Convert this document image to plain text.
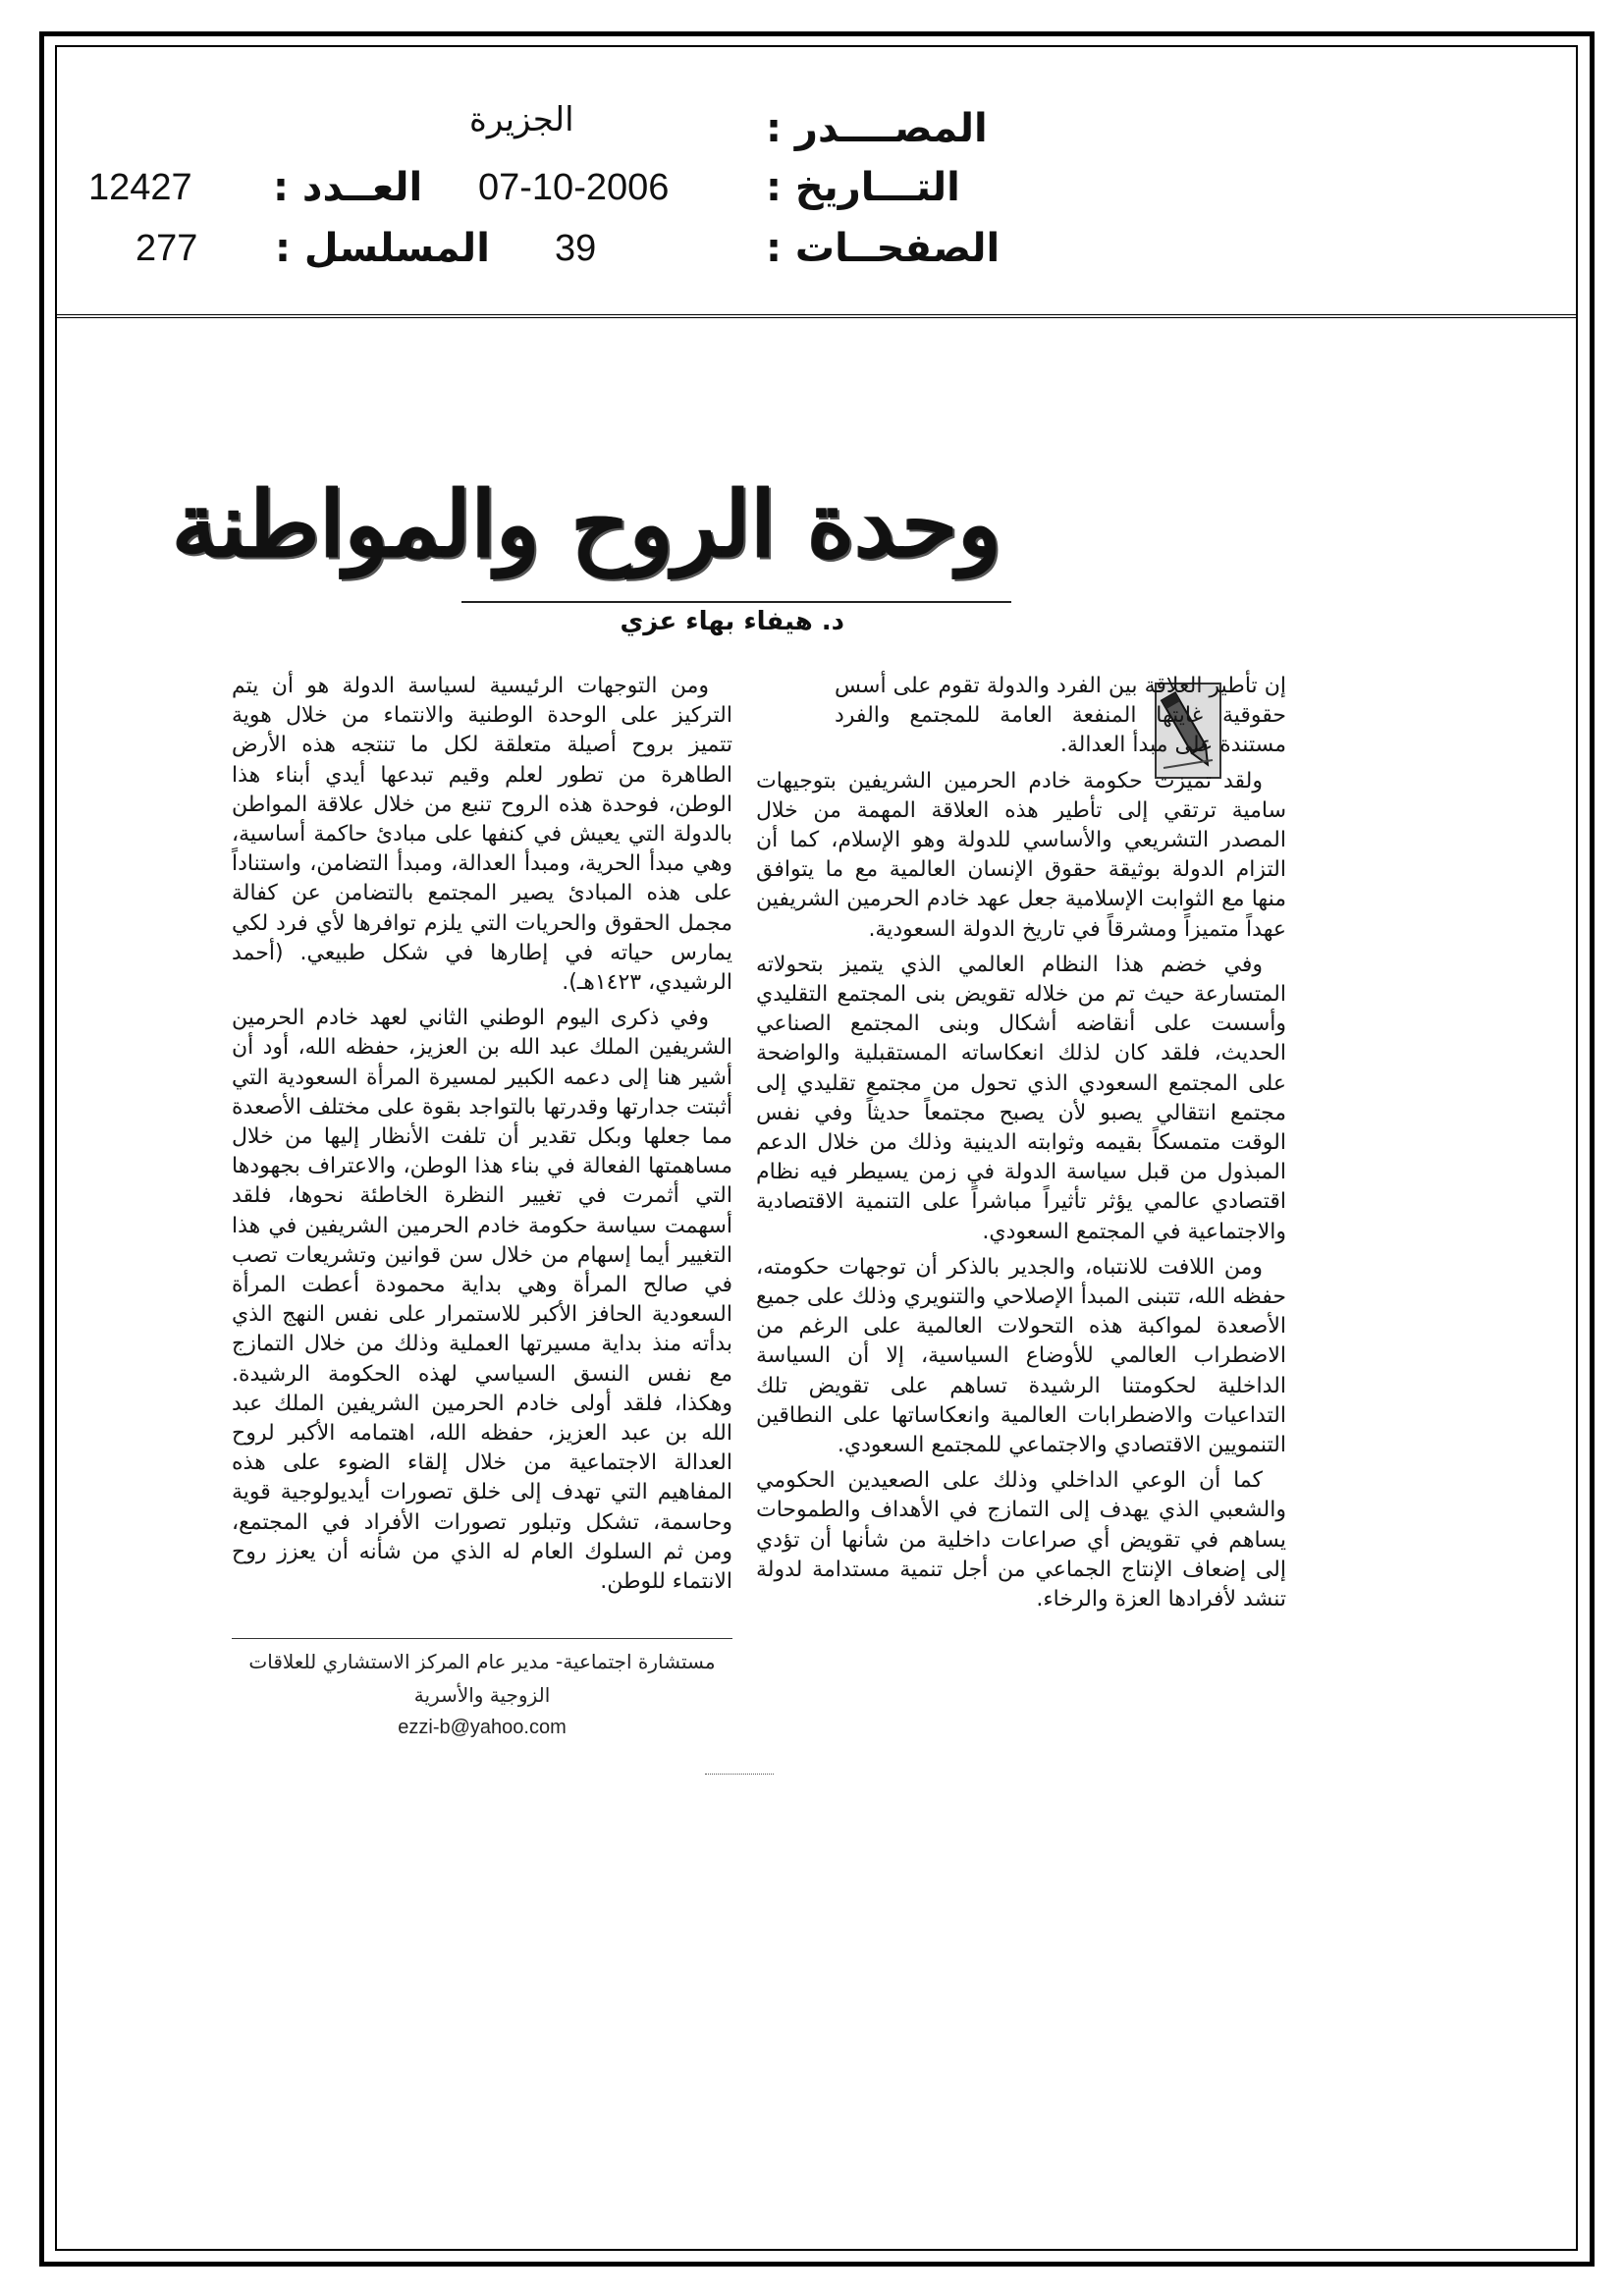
المصــــدر :
الجزيرة
التـــاريخ :
07-10-2006
الصفحــات :
39
العــدد :
12427
المسلسل :
277
وحدة الروح والمواطنة
د. هيفاء بهاء عزي

إن تأطير العلاقة بين الفرد والدولة تقوم على أسس حقوقية غايتها المنفعة العامة للمجتمع والفرد مستندة على مبدأ العدالة.

ولقد تميزت حكومة خادم الحرمين الشريفين بتوجيهات سامية ترتقي إلى تأطير هذه العلاقة المهمة من خلال المصدر التشريعي والأساسي للدولة وهو الإسلام، كما أن التزام الدولة بوثيقة حقوق الإنسان العالمية مع ما يتوافق منها مع الثوابت الإسلامية جعل عهد خادم الحرمين الشريفين عهداً متميزاً ومشرقاً في تاريخ الدولة السعودية.

وفي خضم هذا النظام العالمي الذي يتميز بتحولاته المتسارعة حيث تم من خلاله تقويض بنى المجتمع التقليدي وأسست على أنقاضه أشكال وبنى المجتمع الصناعي الحديث، فلقد كان لذلك انعكاساته المستقبلية والواضحة على المجتمع السعودي الذي تحول من مجتمع تقليدي إلى مجتمع انتقالي يصبو لأن يصبح مجتمعاً حديثاً وفي نفس الوقت متمسكاً بقيمه وثوابته الدينية وذلك من خلال الدعم المبذول من قبل سياسة الدولة في زمن يسيطر فيه نظام اقتصادي عالمي يؤثر تأثيراً مباشراً على التنمية الاقتصادية والاجتماعية في المجتمع السعودي.

ومن اللافت للانتباه، والجدير بالذكر أن توجهات حكومته، حفظه الله، تتبنى المبدأ الإصلاحي والتنويري وذلك على جميع الأصعدة لمواكبة هذه التحولات العالمية على الرغم من الاضطراب العالمي للأوضاع السياسية، إلا أن السياسة الداخلية لحكومتنا الرشيدة تساهم على تقويض تلك التداعيات والاضطرابات العالمية وانعكاساتها على النطاقين التنمويين الاقتصادي والاجتماعي للمجتمع السعودي.

كما أن الوعي الداخلي وذلك على الصعيدين الحكومي والشعبي الذي يهدف إلى التمازج في الأهداف والطموحات يساهم في تقويض أي صراعات داخلية من شأنها أن تؤدي إلى إضعاف الإنتاج الجماعي من أجل تنمية مستدامة لدولة تنشد لأفرادها العزة والرخاء.

ومن التوجهات الرئيسية لسياسة الدولة هو أن يتم التركيز على الوحدة الوطنية والانتماء من خلال هوية تتميز بروح أصيلة متعلقة لكل ما تنتجه هذه الأرض الطاهرة من تطور لعلم وقيم تبدعها أيدي أبناء هذا الوطن، فوحدة هذه الروح تنبع من خلال علاقة المواطن بالدولة التي يعيش في كنفها على مبادئ حاكمة أساسية، وهي مبدأ الحرية، ومبدأ العدالة، ومبدأ التضامن، واستناداً على هذه المبادئ يصير المجتمع بالتضامن عن كفالة مجمل الحقوق والحريات التي يلزم توافرها لأي فرد لكي يمارس حياته في إطارها في شكل طبيعي. (أحمد الرشيدي، ١٤٢٣هـ).

وفي ذكرى اليوم الوطني الثاني لعهد خادم الحرمين الشريفين الملك عبد الله بن العزيز، حفظه الله، أود أن أشير هنا إلى دعمه الكبير لمسيرة المرأة السعودية التي أثبتت جدارتها وقدرتها بالتواجد بقوة على مختلف الأصعدة مما جعلها وبكل تقدير أن تلفت الأنظار إليها من خلال مساهمتها الفعالة في بناء هذا الوطن، والاعتراف بجهودها التي أثمرت في تغيير النظرة الخاطئة نحوها، فلقد أسهمت سياسة حكومة خادم الحرمين الشريفين في هذا التغيير أيما إسهام من خلال سن قوانين وتشريعات تصب في صالح المرأة وهي بداية محمودة أعطت المرأة السعودية الحافز الأكبر للاستمرار على نفس النهج الذي بدأته منذ بداية مسيرتها العملية وذلك من خلال التمازج مع نفس النسق السياسي لهذه الحكومة الرشيدة. وهكذا، فلقد أولى خادم الحرمين الشريفين الملك عبد الله بن عبد العزيز، حفظه الله، اهتمامه الأكبر لروح العدالة الاجتماعية من خلال إلقاء الضوء على هذه المفاهيم التي تهدف إلى خلق تصورات أيديولوجية قوية وحاسمة، تشكل وتبلور تصورات الأفراد في المجتمع، ومن ثم السلوك العام له الذي من شأنه أن يعزز روح الانتماء للوطن.

مستشارة اجتماعية- مدير عام المركز الاستشاري للعلاقات
الزوجية والأسرية
ezzi-b@yahoo.com
